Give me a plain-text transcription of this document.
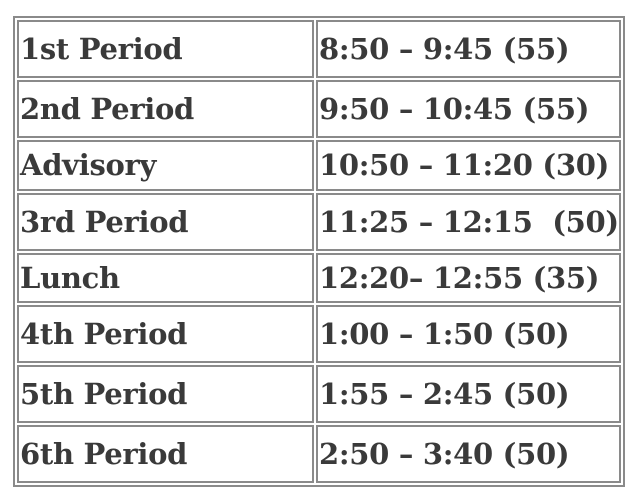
1st Period	8:50 – 9:45 (55)
2nd Period	9:50 – 10:45 (55)
Advisory	10:50 – 11:20 (30)
3rd Period	11:25 – 12:15  (50)
Lunch	12:20– 12:55 (35)
4th Period	1:00 – 1:50 (50)
5th Period	1:55 – 2:45 (50)
6th Period	2:50 – 3:40 (50)
